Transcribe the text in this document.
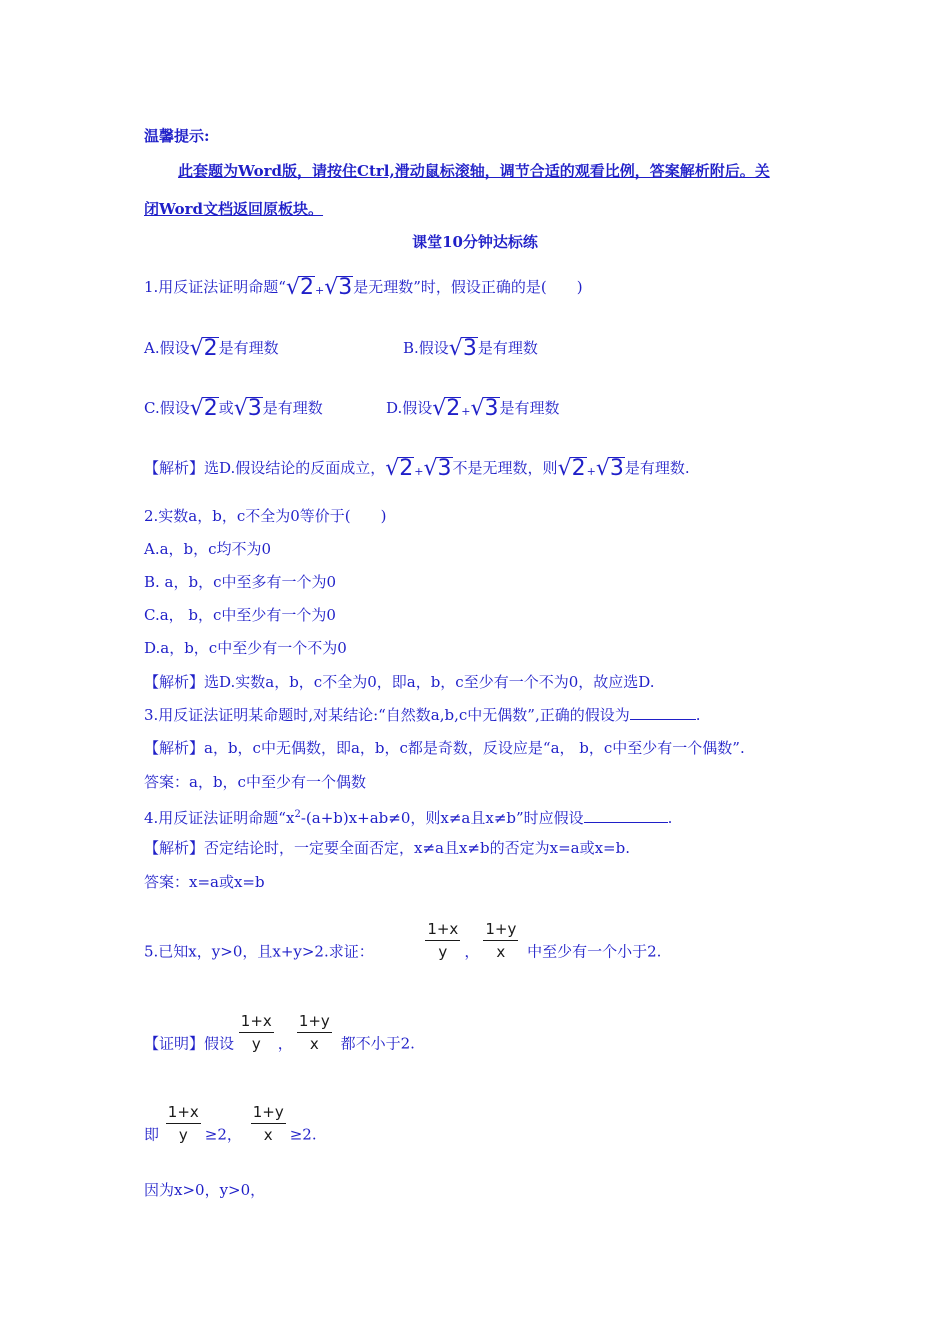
温馨提示:
此套题为Word版，请按住Ctrl,滑动鼠标滚轴，调节合适的观看比例，答案解析附后。关
闭Word文档返回原板块。
课堂10分钟达标练
1.用反证法证明命题“√2+√3是无理数”时，假设正确的是(　　)
A.假设√2是有理数	B.假设√3是有理数
C.假设√2或√3是有理数	D.假设√2+√3是有理数
【解析】选D.假设结论的反面成立，√2+√3不是无理数，则√2+√3是有理数.
2.实数a，b，c不全为0等价于(　　)
A.a，b，c均不为0
B. a，b，c中至多有一个为0
C.a， b，c中至少有一个为0
D.a，b，c中至少有一个不为0
【解析】选D.实数a，b，c不全为0，即a，b，c至少有一个不为0，故应选D.
3.用反证法证明某命题时,对某结论:“自然数a,b,c中无偶数”,正确的假设为	.
【解析】a，b，c中无偶数，即a，b，c都是奇数，反设应是“a， b，c中至少有一个偶数”.
答案：a，b，c中至少有一个偶数
4.用反证法证明命题“$x^2-(a+b)x+ab\ne 0$，则x≠a且x≠b”时应假设	.
【解析】否定结论时，一定要全面否定，x≠a且x≠b的否定为x=a或x=b.
答案：x=a或x=b
5.已知x，y>0，且x+y>2.求证：	$\frac{1+x}{y}$ ， $\frac{1+y}{x}$ 中至少有一个小于2.
【证明】假设 $\frac{1+x}{y}$ ， $\frac{1+y}{x}$ 都不小于2.
即 $\frac{1+x}{y} \ge 2$， $\frac{1+y}{x} \ge 2$.
因为x>0，y>0，
